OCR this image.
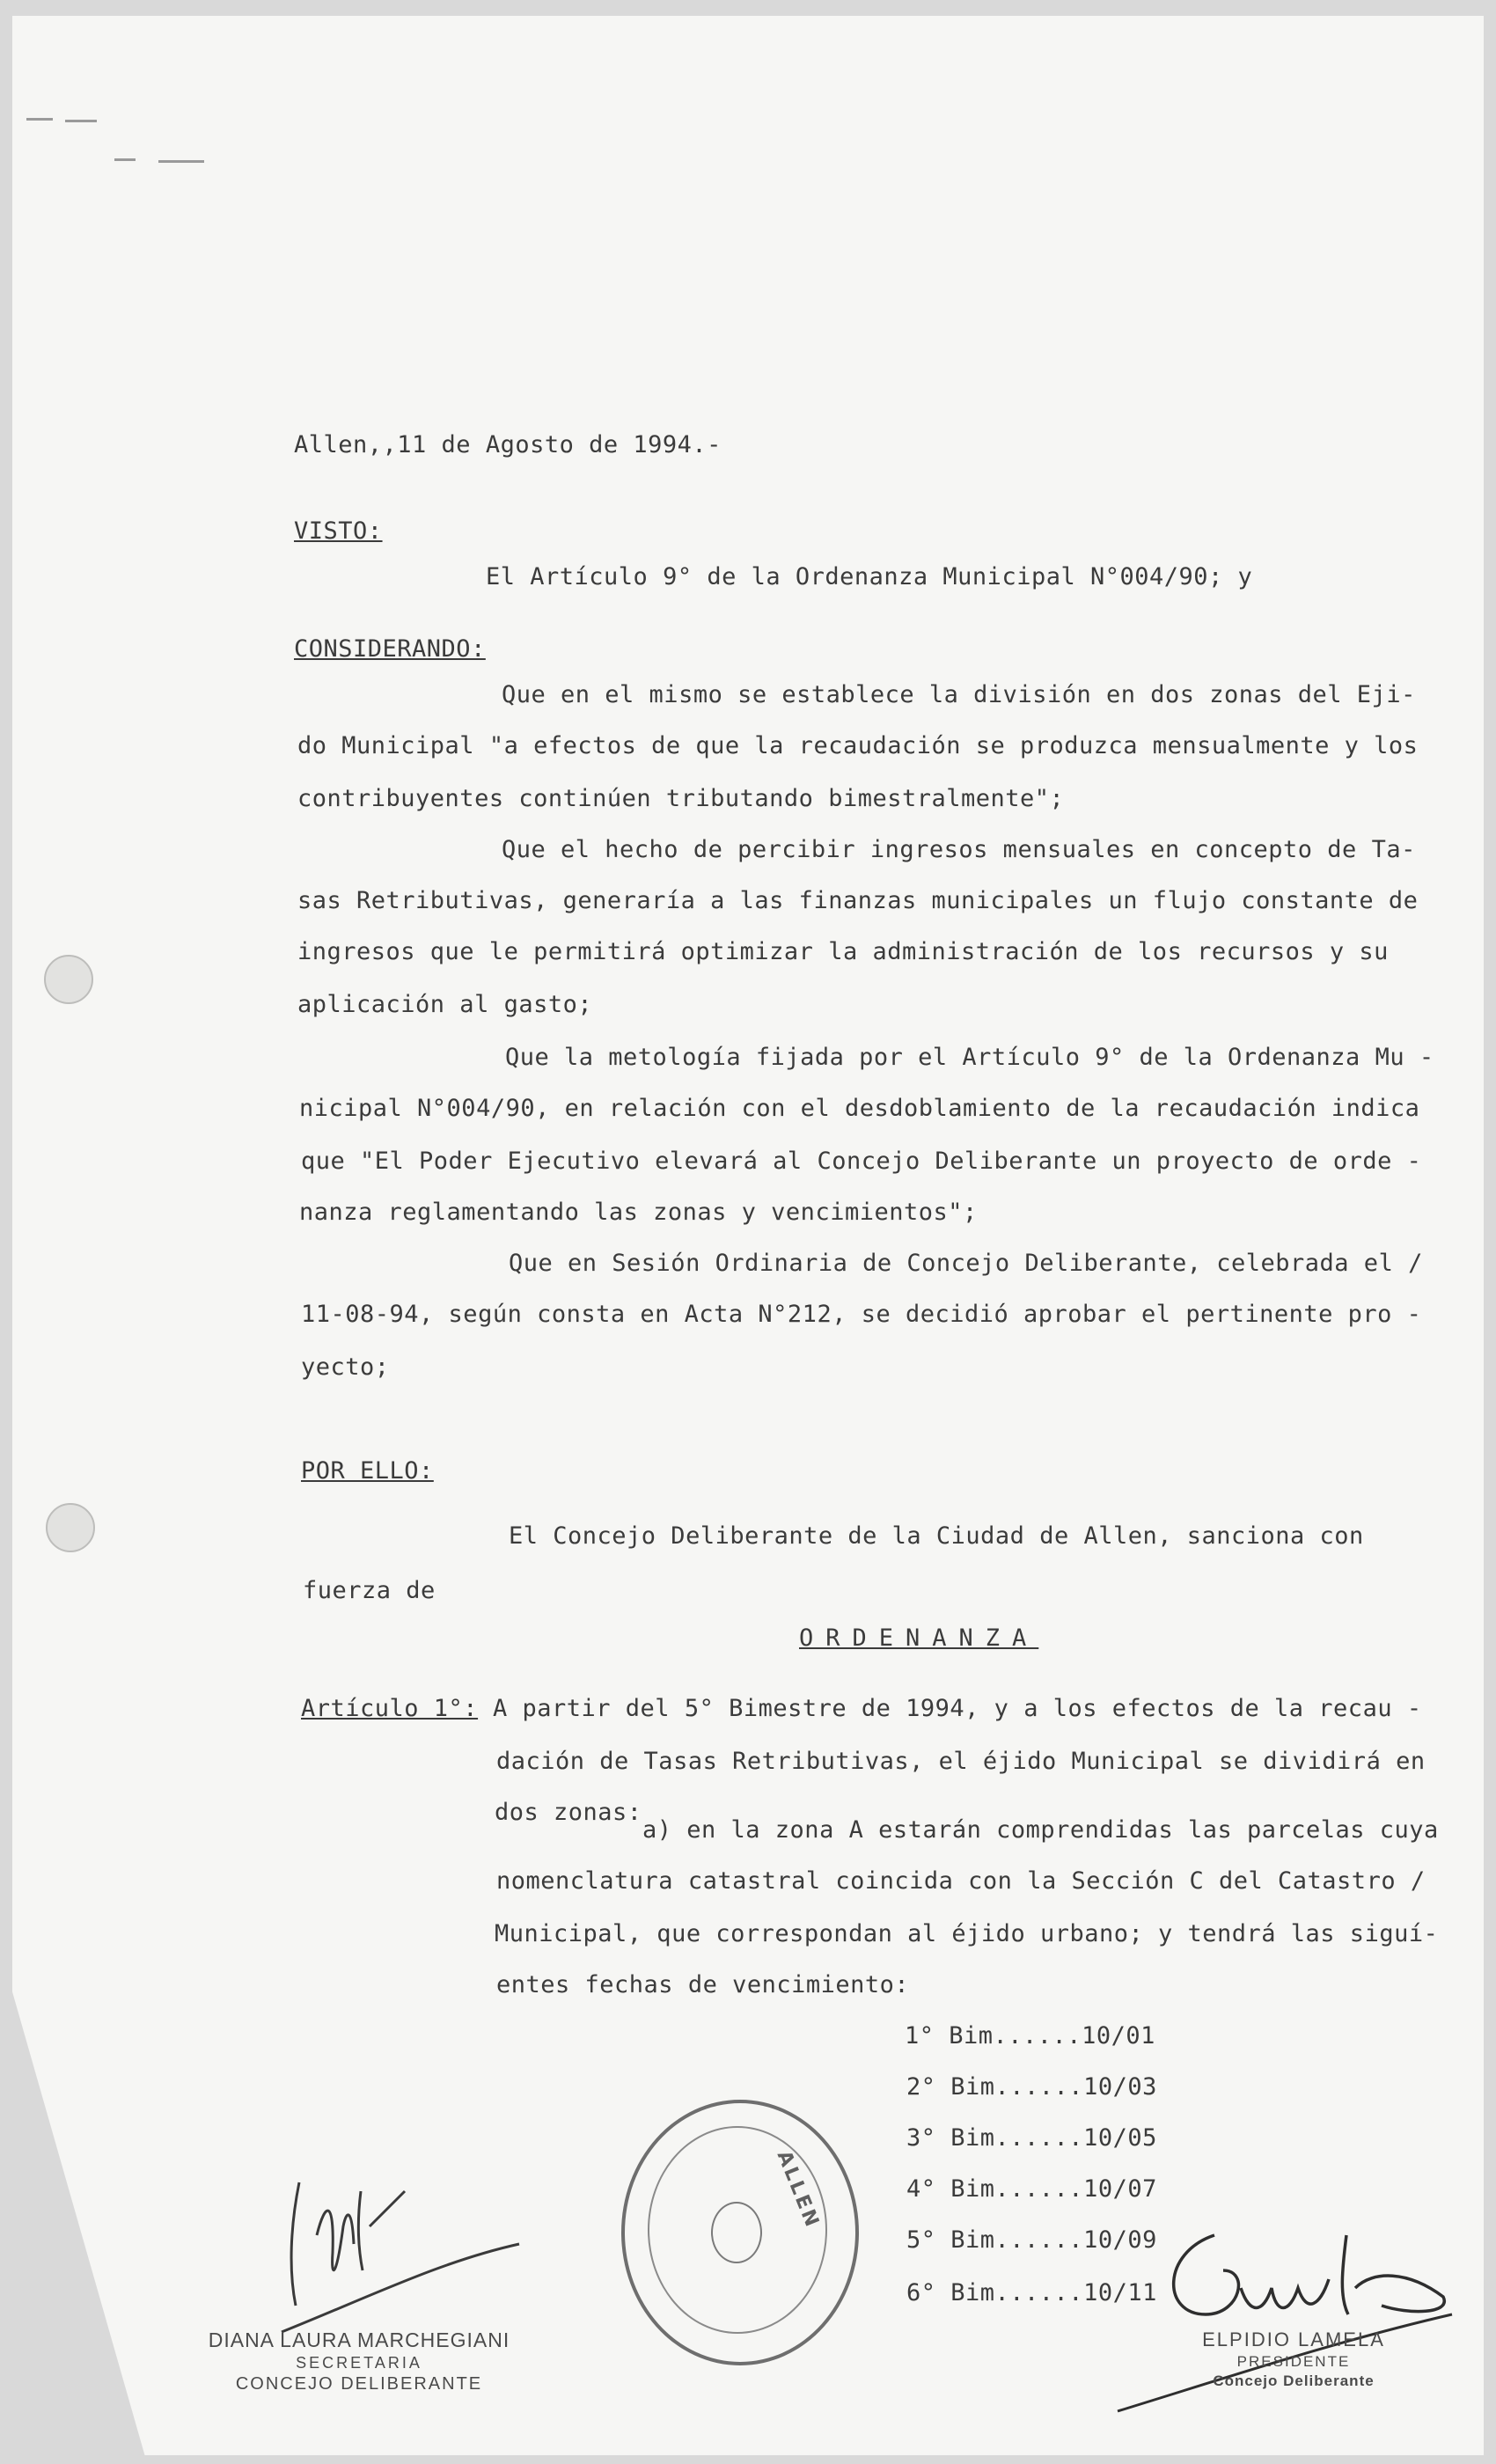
Allen,,11 de Agosto de 1994.-
VISTO:
El Artículo 9° de la Ordenanza Municipal N°004/90; y
CONSIDERANDO:
Que en el mismo se establece la división en dos zonas del Eji-
do Municipal "a efectos de que la recaudación se produzca mensualmente y los
contribuyentes continúen tributando bimestralmente";
Que el hecho de percibir ingresos mensuales en concepto de Ta-
sas Retributivas, generaría a las finanzas municipales un flujo constante de
ingresos que le permitirá optimizar la administración de los recursos y su
aplicación al gasto;
Que la metología fijada por el Artículo 9° de la Ordenanza Mu -
nicipal N°004/90, en relación con el desdoblamiento de la recaudación indica
que "El Poder Ejecutivo elevará al Concejo Deliberante un proyecto de orde -
nanza reglamentando las zonas y vencimientos";
Que en Sesión Ordinaria de Concejo Deliberante, celebrada el /
11-08-94, según consta en Acta N°212, se decidió aprobar el pertinente pro -
yecto;
POR ELLO:
El Concejo Deliberante de la Ciudad de Allen, sanciona con
fuerza de
ORDENANZA
Artículo 1°: A partir del 5° Bimestre de 1994, y a los efectos de la recau -
dación de Tasas Retributivas, el éjido Municipal se dividirá en
dos zonas:
a) en la zona A estarán comprendidas las parcelas cuya
nomenclatura catastral coincida con la Sección C del Catastro /
Municipal, que correspondan al éjido urbano; y tendrá las siguí-
entes fechas de vencimiento:
1° Bim......10/01
2° Bim......10/03
3° Bim......10/05
4° Bim......10/07
5° Bim......10/09
6° Bim......10/11
ALLEN
DIANA LAURA MARCHEGIANI
SECRETARIA
CONCEJO DELIBERANTE
ELPIDIO LAMELA
PRESIDENTE
Concejo Deliberante
